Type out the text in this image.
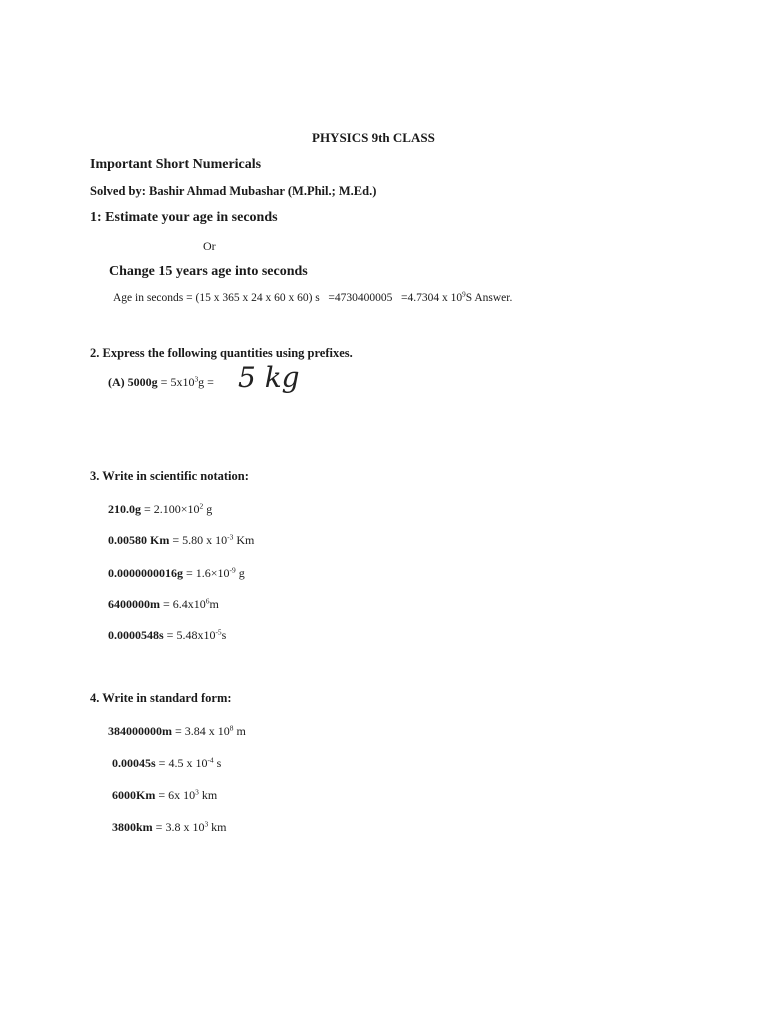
PHYSICS 9th CLASS
Important Short Numericals
Solved by: Bashir Ahmad Mubashar (M.Phil.; M.Ed.)
1: Estimate your age in seconds
Or
Change 15 years age into seconds
Age in seconds = (15 x 365 x 24 x 60 x 60) s =4730400005 =4.7304 x $10^9S$ Answer.
2. Express the following quantities using prefixes.
(A) $5000g = 5x10^3g = 5$ kg
3. Write in scientific notation:
$210.0g = 2.100\times 10^2$ g
0.00580 Km = 5.80 x $10^{-3}$ Km
$0.0000000016g = 1.6\times 10^{-9}$ g
$6400000m = 6.4x10^6m$
$0.0000548s = 5.48x10^{-5}s$
4. Write in standard form:
384000000m = 3.84 x $10^8$ m
0.00045s = 4.5 x $10^{-4}$ s
6000Km = 6x $10^3$ km
3800km = 3.8 x $10^3$ km
